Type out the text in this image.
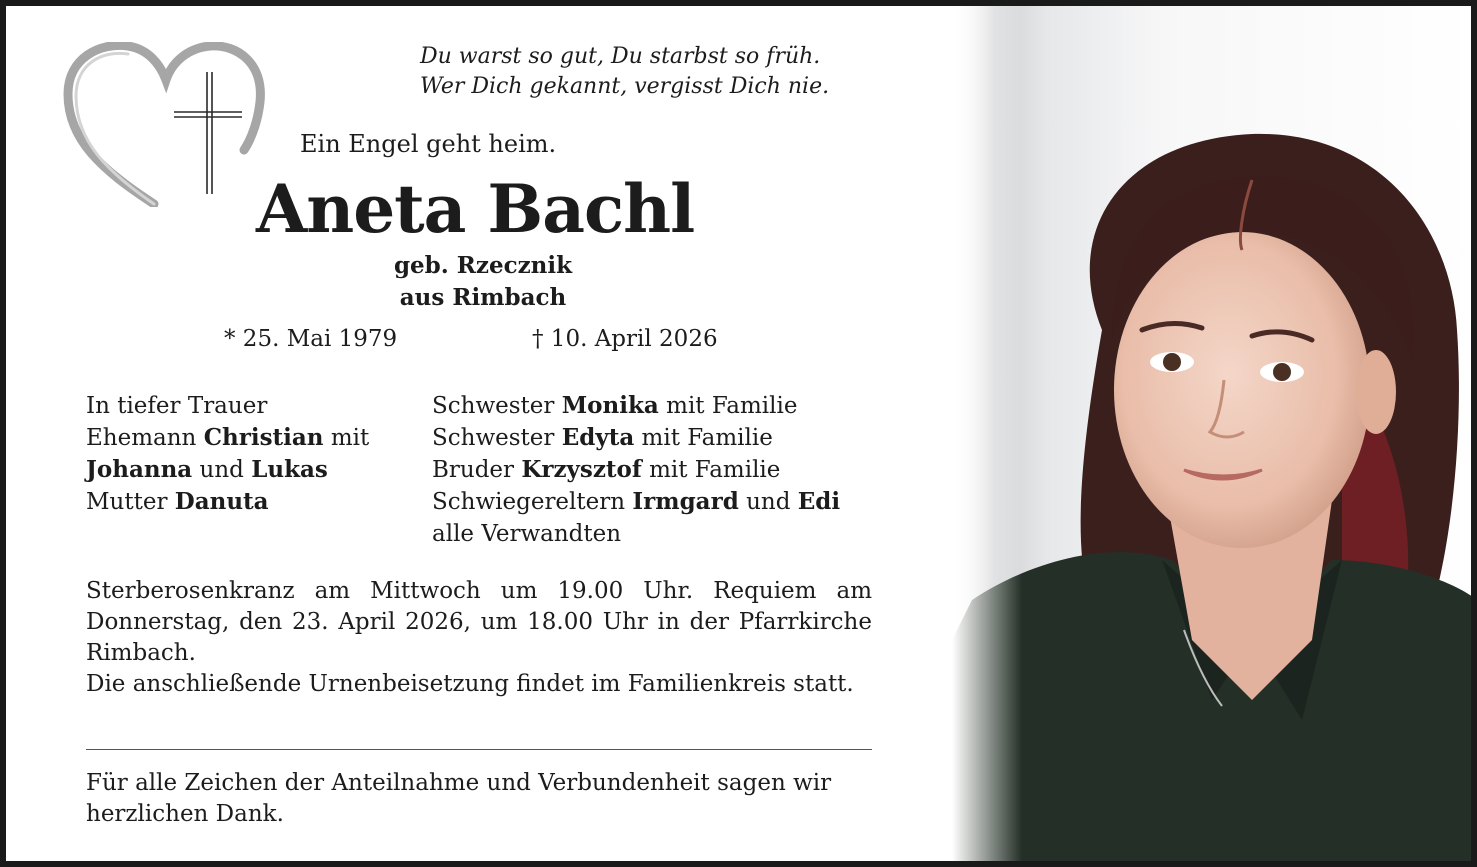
Du warst so gut, Du starbst so früh.
Wer Dich gekannt, vergisst Dich nie.
Ein Engel geht heim.
Aneta Bachl
geb. Rzecznik
aus Rimbach
* 25. Mai 1979	† 10. April 2026
In tiefer Trauer
Ehemann Christian mit
Johanna und Lukas
Mutter Danuta
Schwester Monika mit Familie
Schwester Edyta mit Familie
Bruder Krzysztof mit Familie
Schwiegereltern Irmgard und Edi
alle Verwandten

Sterberosenkranz am Mittwoch um 19.00 Uhr. Requiem am Donnerstag, den 23. April 2026, um 18.00 Uhr in der Pfarrkirche Rimbach.

Die anschließende Urnenbeisetzung findet im Familienkreis statt.

Für alle Zeichen der Anteilnahme und Verbundenheit sagen wir herzlichen Dank.
